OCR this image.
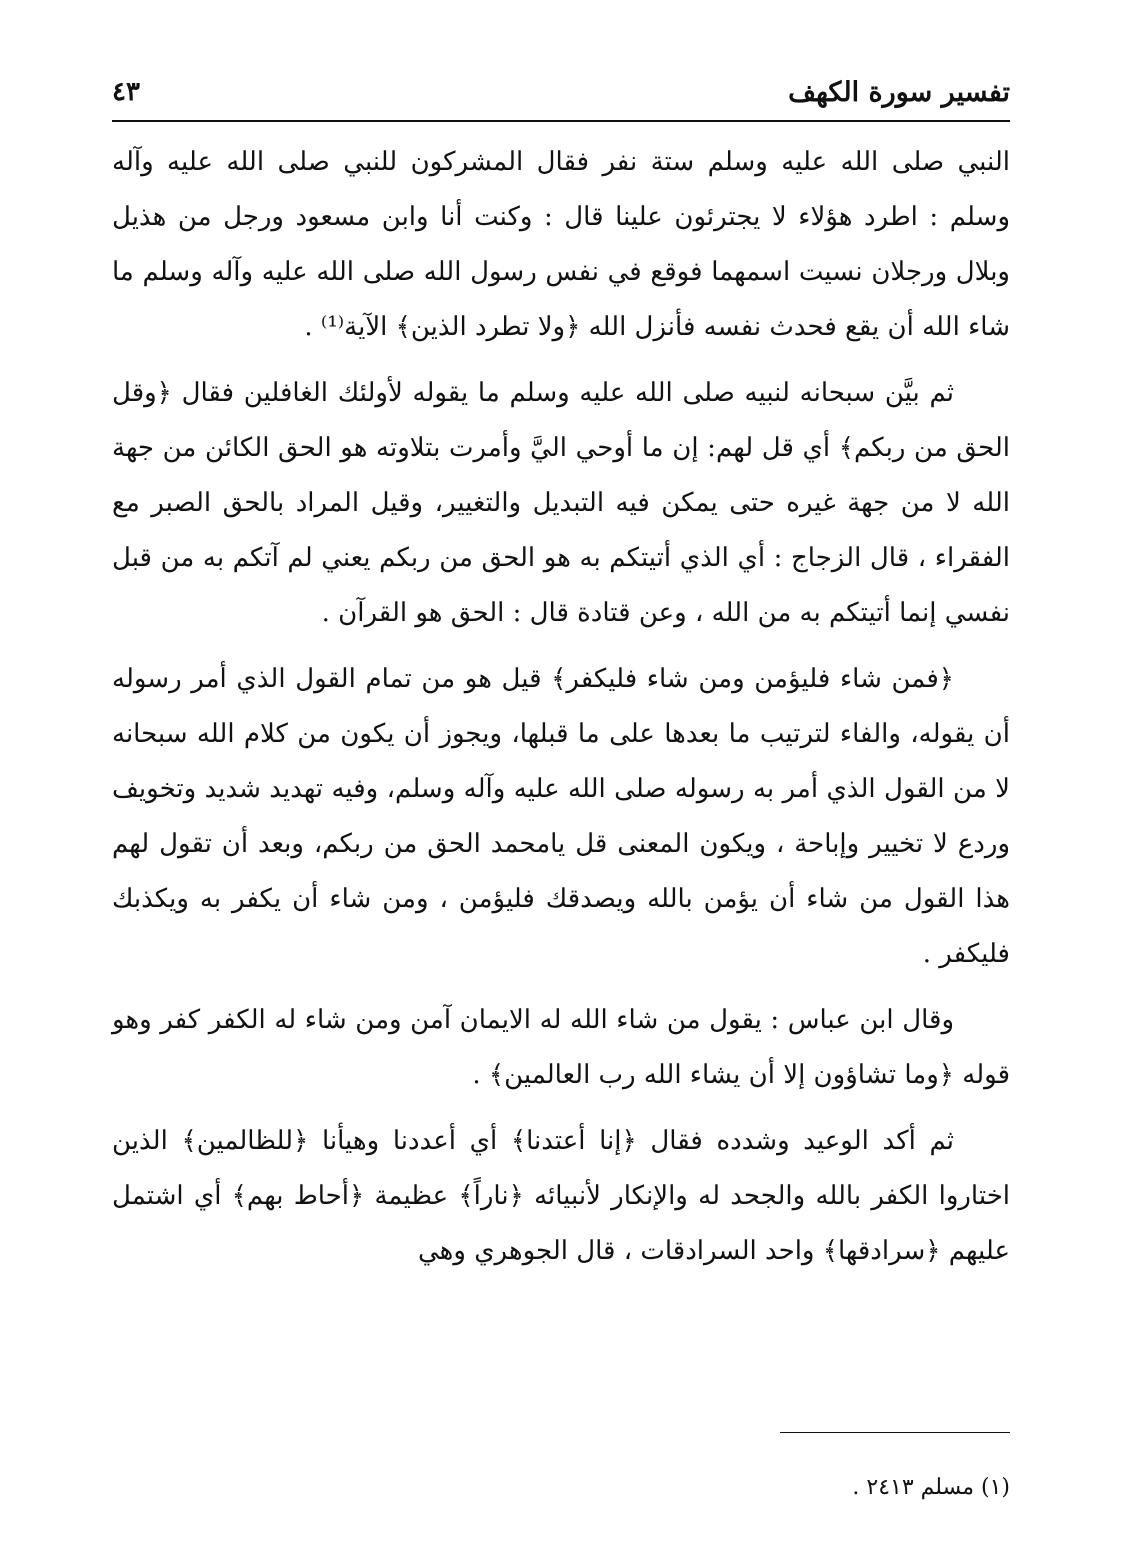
تفسير سورة الكهف
٤٣

النبي صلى الله عليه وسلم ستة نفر فقال المشركون للنبي صلى الله عليه وآله وسلم : اطرد هؤلاء لا يجترئون علينا قال : وكنت أنا وابن مسعود ورجل من هذيل وبلال ورجلان نسيت اسمهما فوقع في نفس رسول الله صلى الله عليه وآله وسلم ما شاء الله أن يقع فحدث نفسه فأنزل الله ﴿ولا تطرد الذين﴾ الآية⁽¹⁾ .

ثم بيَّن سبحانه لنبيه صلى الله عليه وسلم ما يقوله لأولئك الغافلين فقال ﴿وقل الحق من ربكم﴾ أي قل لهم: إن ما أوحي اليَّ وأمرت بتلاوته هو الحق الكائن من جهة الله لا من جهة غيره حتى يمكن فيه التبديل والتغيير، وقيل المراد بالحق الصبر مع الفقراء ، قال الزجاج : أي الذي أتيتكم به هو الحق من ربكم يعني لم آتكم به من قبل نفسي إنما أتيتكم به من الله ، وعن قتادة قال : الحق هو القرآن .

﴿فمن شاء فليؤمن ومن شاء فليكفر﴾ قيل هو من تمام القول الذي أمر رسوله أن يقوله، والفاء لترتيب ما بعدها على ما قبلها، ويجوز أن يكون من كلام الله سبحانه لا من القول الذي أمر به رسوله صلى الله عليه وآله وسلم، وفيه تهديد شديد وتخويف وردع لا تخيير وإباحة ، ويكون المعنى قل يامحمد الحق من ربكم، وبعد أن تقول لهم هذا القول من شاء أن يؤمن بالله ويصدقك فليؤمن ، ومن شاء أن يكفر به ويكذبك فليكفر .

وقال ابن عباس : يقول من شاء الله له الايمان آمن ومن شاء له الكفر كفر وهو قوله ﴿وما تشاؤون إلا أن يشاء الله رب العالمين﴾ .

ثم أكد الوعيد وشدده فقال ﴿إنا أعتدنا﴾ أي أعددنا وهيأنا ﴿للظالمين﴾ الذين اختاروا الكفر بالله والجحد له والإنكار لأنبيائه ﴿ناراً﴾ عظيمة ﴿أحاط بهم﴾ أي اشتمل عليهم ﴿سرادقها﴾ واحد السرادقات ، قال الجوهري وهي

(١) مسلم ٢٤١٣ .
